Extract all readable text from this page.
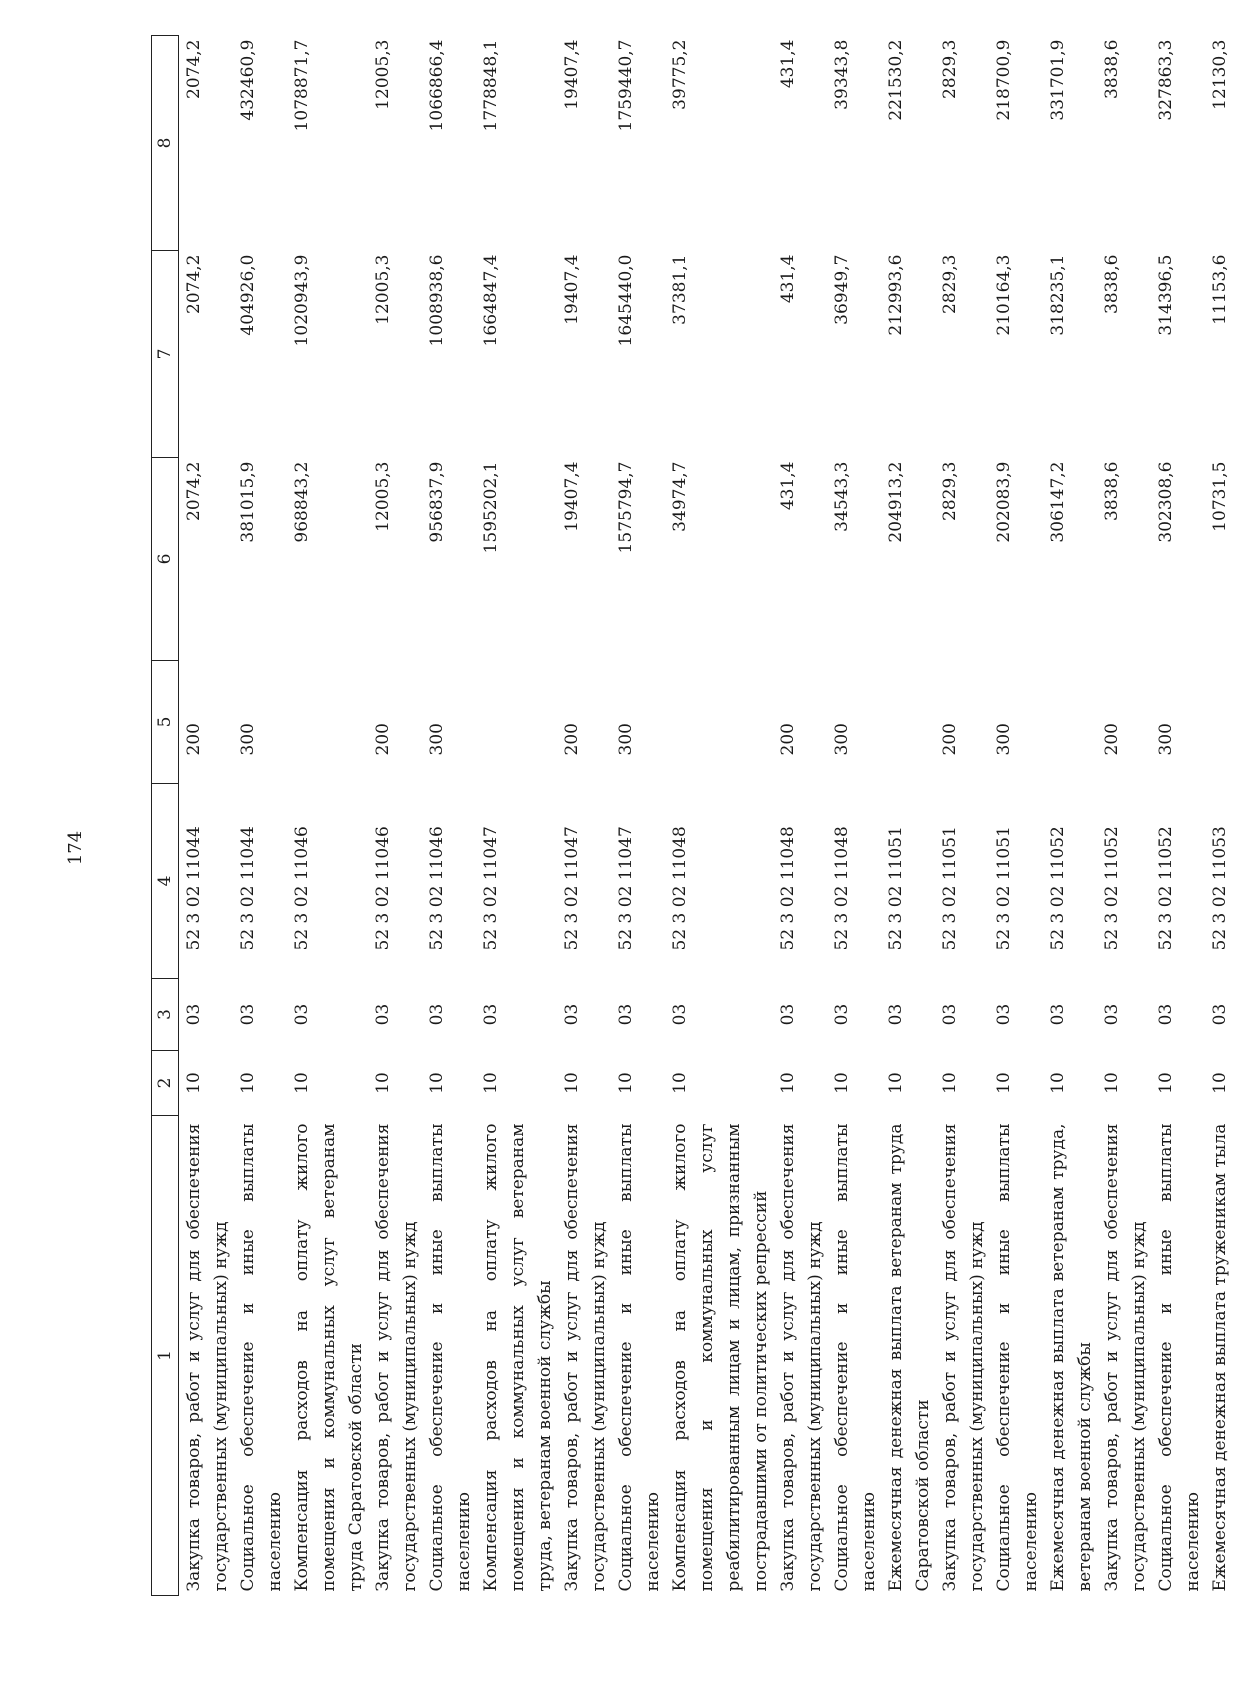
174
1	2	3	4	5	6	7	8
Закупка товаров, работ и услуг для обеспечения государственных (муниципальных) нужд	10	03	52 3 02 11044	200	2074,2	2074,2	2074,2
Социальное обеспечение и иные выплаты населению	10	03	52 3 02 11044	300	381015,9	404926,0	432460,9
Компенсация расходов на оплату жилого помещения и коммунальных услуг ветеранам труда Саратовской области	10	03	52 3 02 11046		968843,2	1020943,9	1078871,7
Закупка товаров, работ и услуг для обеспечения государственных (муниципальных) нужд	10	03	52 3 02 11046	200	12005,3	12005,3	12005,3
Социальное обеспечение и иные выплаты населению	10	03	52 3 02 11046	300	956837,9	1008938,6	1066866,4
Компенсация расходов на оплату жилого помещения и коммунальных услуг ветеранам труда, ветеранам военной службы	10	03	52 3 02 11047		1595202,1	1664847,4	1778848,1
Закупка товаров, работ и услуг для обеспечения государственных (муниципальных) нужд	10	03	52 3 02 11047	200	19407,4	19407,4	19407,4
Социальное обеспечение и иные выплаты населению	10	03	52 3 02 11047	300	1575794,7	1645440,0	1759440,7
Компенсация расходов на оплату жилого помещения и коммунальных услуг реабилитированным лицам и лицам, признанным пострадавшими от политических репрессий	10	03	52 3 02 11048		34974,7	37381,1	39775,2
Закупка товаров, работ и услуг для обеспечения государственных (муниципальных) нужд	10	03	52 3 02 11048	200	431,4	431,4	431,4
Социальное обеспечение и иные выплаты населению	10	03	52 3 02 11048	300	34543,3	36949,7	39343,8
Ежемесячная денежная выплата ветеранам труда Саратовской области	10	03	52 3 02 11051		204913,2	212993,6	221530,2
Закупка товаров, работ и услуг для обеспечения государственных (муниципальных) нужд	10	03	52 3 02 11051	200	2829,3	2829,3	2829,3
Социальное обеспечение и иные выплаты населению	10	03	52 3 02 11051	300	202083,9	210164,3	218700,9
Ежемесячная денежная выплата ветеранам труда, ветеранам военной службы	10	03	52 3 02 11052		306147,2	318235,1	331701,9
Закупка товаров, работ и услуг для обеспечения государственных (муниципальных) нужд	10	03	52 3 02 11052	200	3838,6	3838,6	3838,6
Социальное обеспечение и иные выплаты населению	10	03	52 3 02 11052	300	302308,6	314396,5	327863,3
Ежемесячная денежная выплата труженикам тыла	10	03	52 3 02 11053		10731,5	11153,6	12130,3
